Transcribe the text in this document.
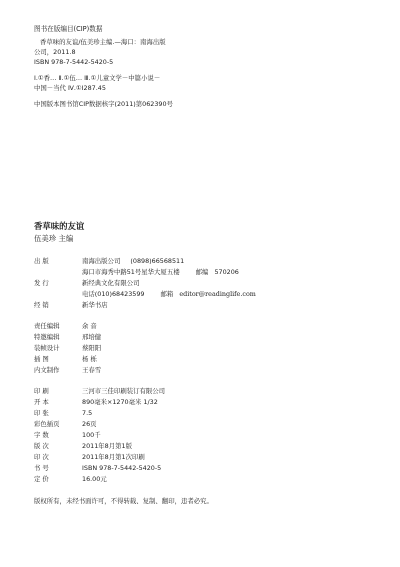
图书在版编目(CIP)数据
香草味的友谊/伍美珍主编.—海口：南海出版
公司，2011.8
ISBN 978-7-5442-5420-5
Ⅰ.①香… Ⅱ.①伍… Ⅲ.①儿童文学－中篇小说－
中国－当代 Ⅳ.①I287.45
中国版本图书馆CIP数据核字(2011)第062390号
香草味的友谊
伍美珍 主编
出 版	南海出版公司 (0898)66568511
海口市海秀中路51号星华大厦五楼	邮编 570206
发 行	新经典文化有限公司
电话(010)68423599	邮箱 editor@readinglife.com
经 销	新华书店
责任编辑	余 音
特邀编辑	邢培健
装帧设计	蔡阳阳
插 图	杨 栎
内文制作	王春雪
印 刷	三河市三佳印刷装订有限公司
开 本	890毫米×1270毫米 1/32
印 张	7.5
彩色插页	26页
字 数	100千
版 次	2011年8月第1版
印 次	2011年8月第1次印刷
书 号	ISBN 978-7-5442-5420-5
定 价	16.00元
版权所有，未经书面许可，不得转载、复制、翻印，违者必究。
